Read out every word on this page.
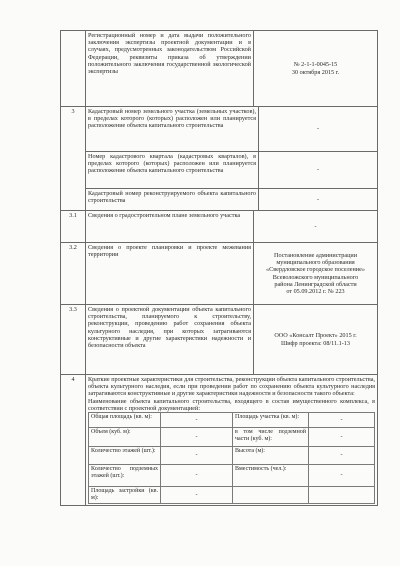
	Регистрационный номер и дата выдачи положительного заключения экспертизы проектной документации и в случаях, предусмотренных законодательством Российской Федерации, реквизиты приказа об утверждении положительного заключения государственной экологической экспертизы	
№ 2-1-1-0045-15
30 октября 2015 г.

3	Кадастровый номер земельного участка (земельных участков), в пределах которого (которых) расположен или планируется расположение объекта капитального строительства	-
Номер кадастрового квартала (кадастровых кварталов), в пределах которого (которых) расположен или планируется расположение объекта капитального строительства	-
Кадастровый номер реконструируемого объекта капитального строительства	-

3.1	Сведения о градостроительном плане земельного участка	-
3.2	Сведения о проекте планировки и проекте межевания территории	Постановление администрации
муниципального образования
«Свердловское городское поселение»
Всеволожского муниципального
района Ленинградской области
от 05.09.2012 г. № 223

3.3	Сведения о проектной документации объекта капитального строительства, планируемого к строительству, реконструкции, проведению работ сохранения объекта культурного наследия, при которых затрагиваются конструктивные и другие характеристики надежности и безопасности объекта	
ООО «Консалт Проект» 2015 г.
Шифр проекта: 08/11.1-13

4	Краткие проектные характеристики для строительства, реконструкции объекта капитального строительства, объекта культурного наследия, если при проведении работ по сохранению объекта культурного наследия затрагиваются конструктивные и другие характеристики надежности и безопасности такого объекта:
Наименование объекта капитального строительства, входящего в состав имущественного комплекса, в соответствии с проектной документацией:
Общая площадь (кв. м):	-	Площадь участка (кв. м):	-
Объем (куб. м):	-	в том числе подземной части (куб. м):	-
Количество этажей (шт.):	-	Высота (м):	-
Количество подземных этажей (шт.):	-	Вместимость (чел.):	-
Площадь застройки (кв. м):	-		
